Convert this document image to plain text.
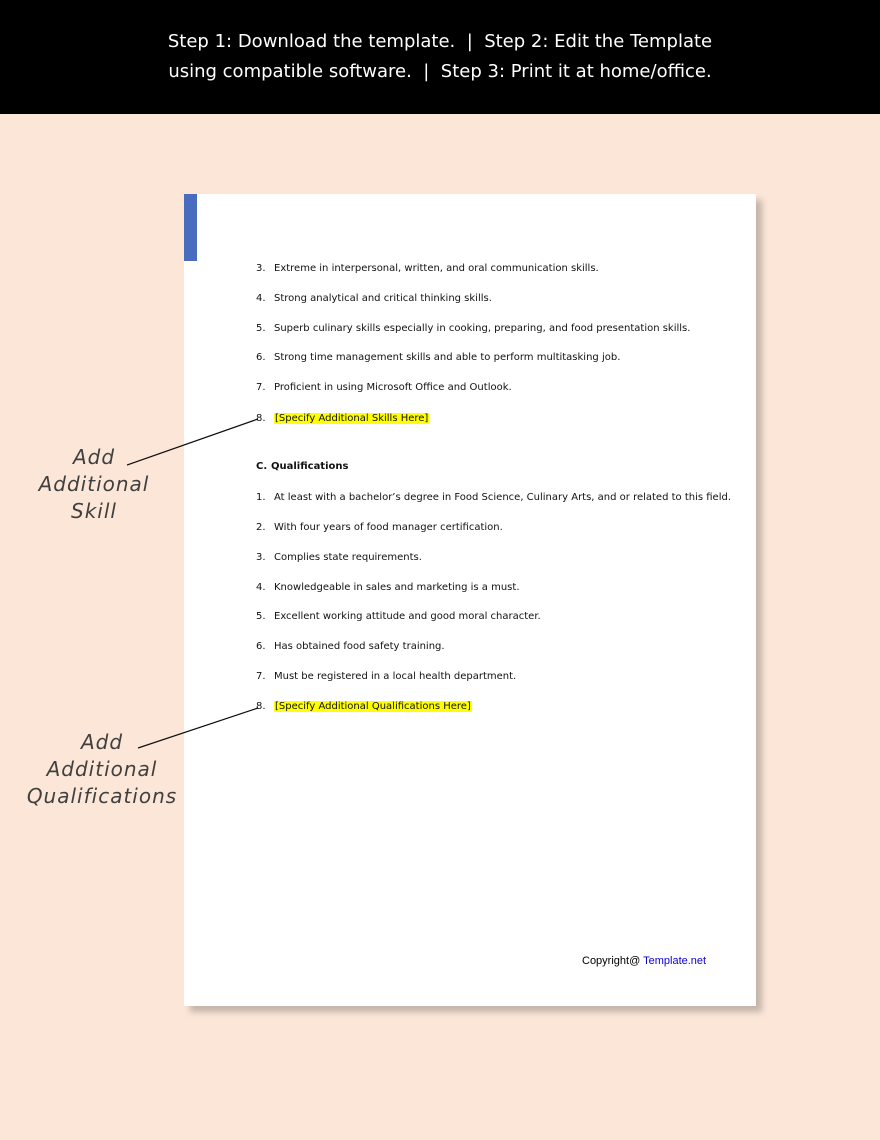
Step 1: Download the template.  |  Step 2: Edit the Template
using compatible software.  |  Step 3: Print it at home/office.
3. Extreme in interpersonal, written, and oral communication skills.
4. Strong analytical and critical thinking skills.
5. Superb culinary skills especially in cooking, preparing, and food presentation skills.
6. Strong time management skills and able to perform multitasking job.
7. Proficient in using Microsoft Office and Outlook.
8. [Specify Additional Skills Here]
C. Qualifications
1. At least with a bachelor’s degree in Food Science, Culinary Arts, and or related to this field.
2. With four years of food manager certification.
3. Complies state requirements.
4. Knowledgeable in sales and marketing is a must.
5. Excellent working attitude and good moral character.
6. Has obtained food safety training.
7. Must be registered in a local health department.
8. [Specify Additional Qualifications Here]
Copyright@ Template.net
Add
Additional
Skill
Add
Additional
Qualifications
